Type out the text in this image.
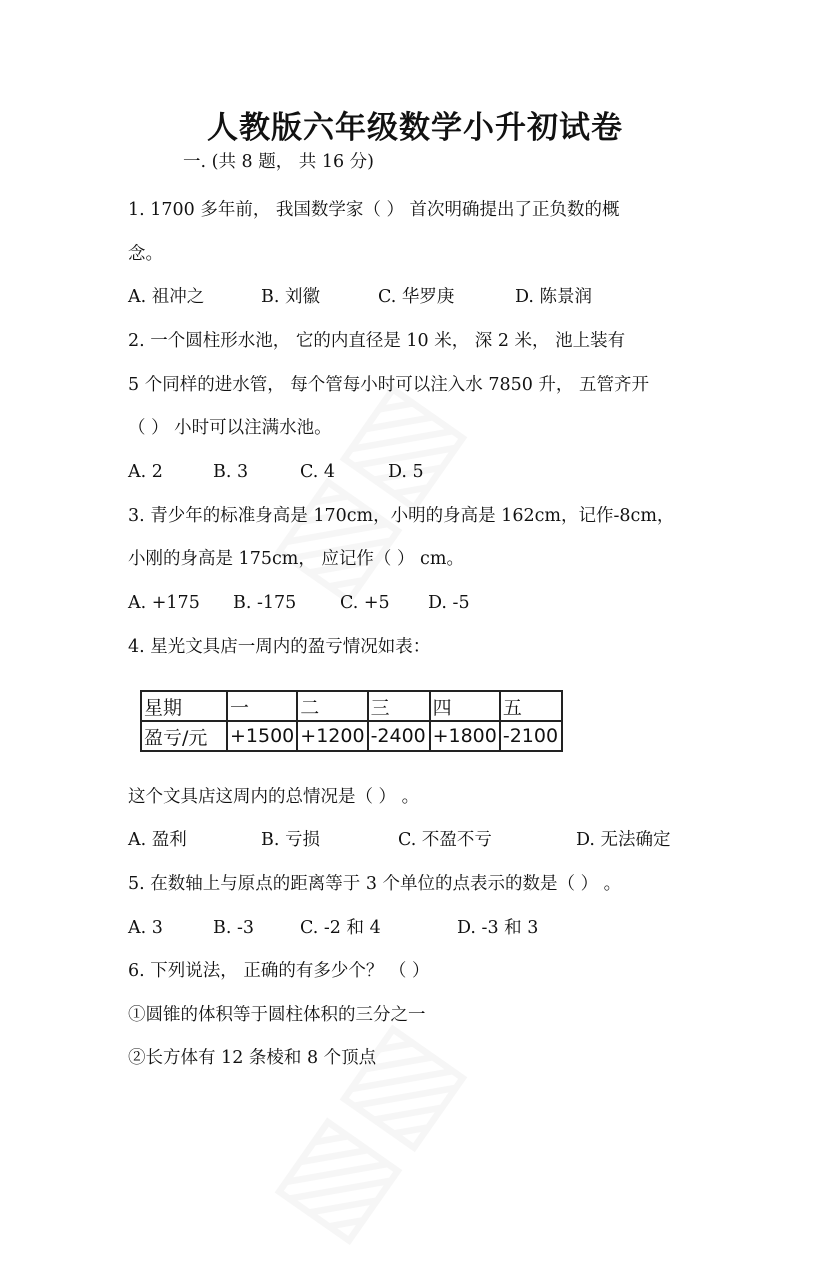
人教版六年级数学小升初试卷
一. (共 8 题， 共 16 分)
1. 1700 多年前， 我国数学家（ ） 首次明确提出了正负数的概
念。
A. 祖冲之	B. 刘徽	C. 华罗庚	D. 陈景润
2. 一个圆柱形水池， 它的内直径是 10 米， 深 2 米， 池上装有
5 个同样的进水管， 每个管每小时可以注入水 7850 升， 五管齐开
（ ） 小时可以注满水池。
A. 2	B. 3	C. 4	D. 5
3. 青少年的标准身高是 170cm，小明的身高是 162cm，记作-8cm，
小刚的身高是 175cm， 应记作（ ） cm。
A. +175 B. -175 C. +5 D. -5
4. 星光文具店一周内的盈亏情况如表：
星期	一	二	三	四	五
盈亏/元	+1500	+1200	-2400	+1800	-2100
这个文具店这周内的总情况是（ ） 。
A. 盈利	B. 亏损	C. 不盈不亏	D. 无法确定
5. 在数轴上与原点的距离等于 3 个单位的点表示的数是（ ） 。
A. 3	B. -3	C. -2 和 4	D. -3 和 3
6. 下列说法， 正确的有多少个？ （ ）
①圆锥的体积等于圆柱体积的三分之一
②长方体有 12 条棱和 8 个顶点
